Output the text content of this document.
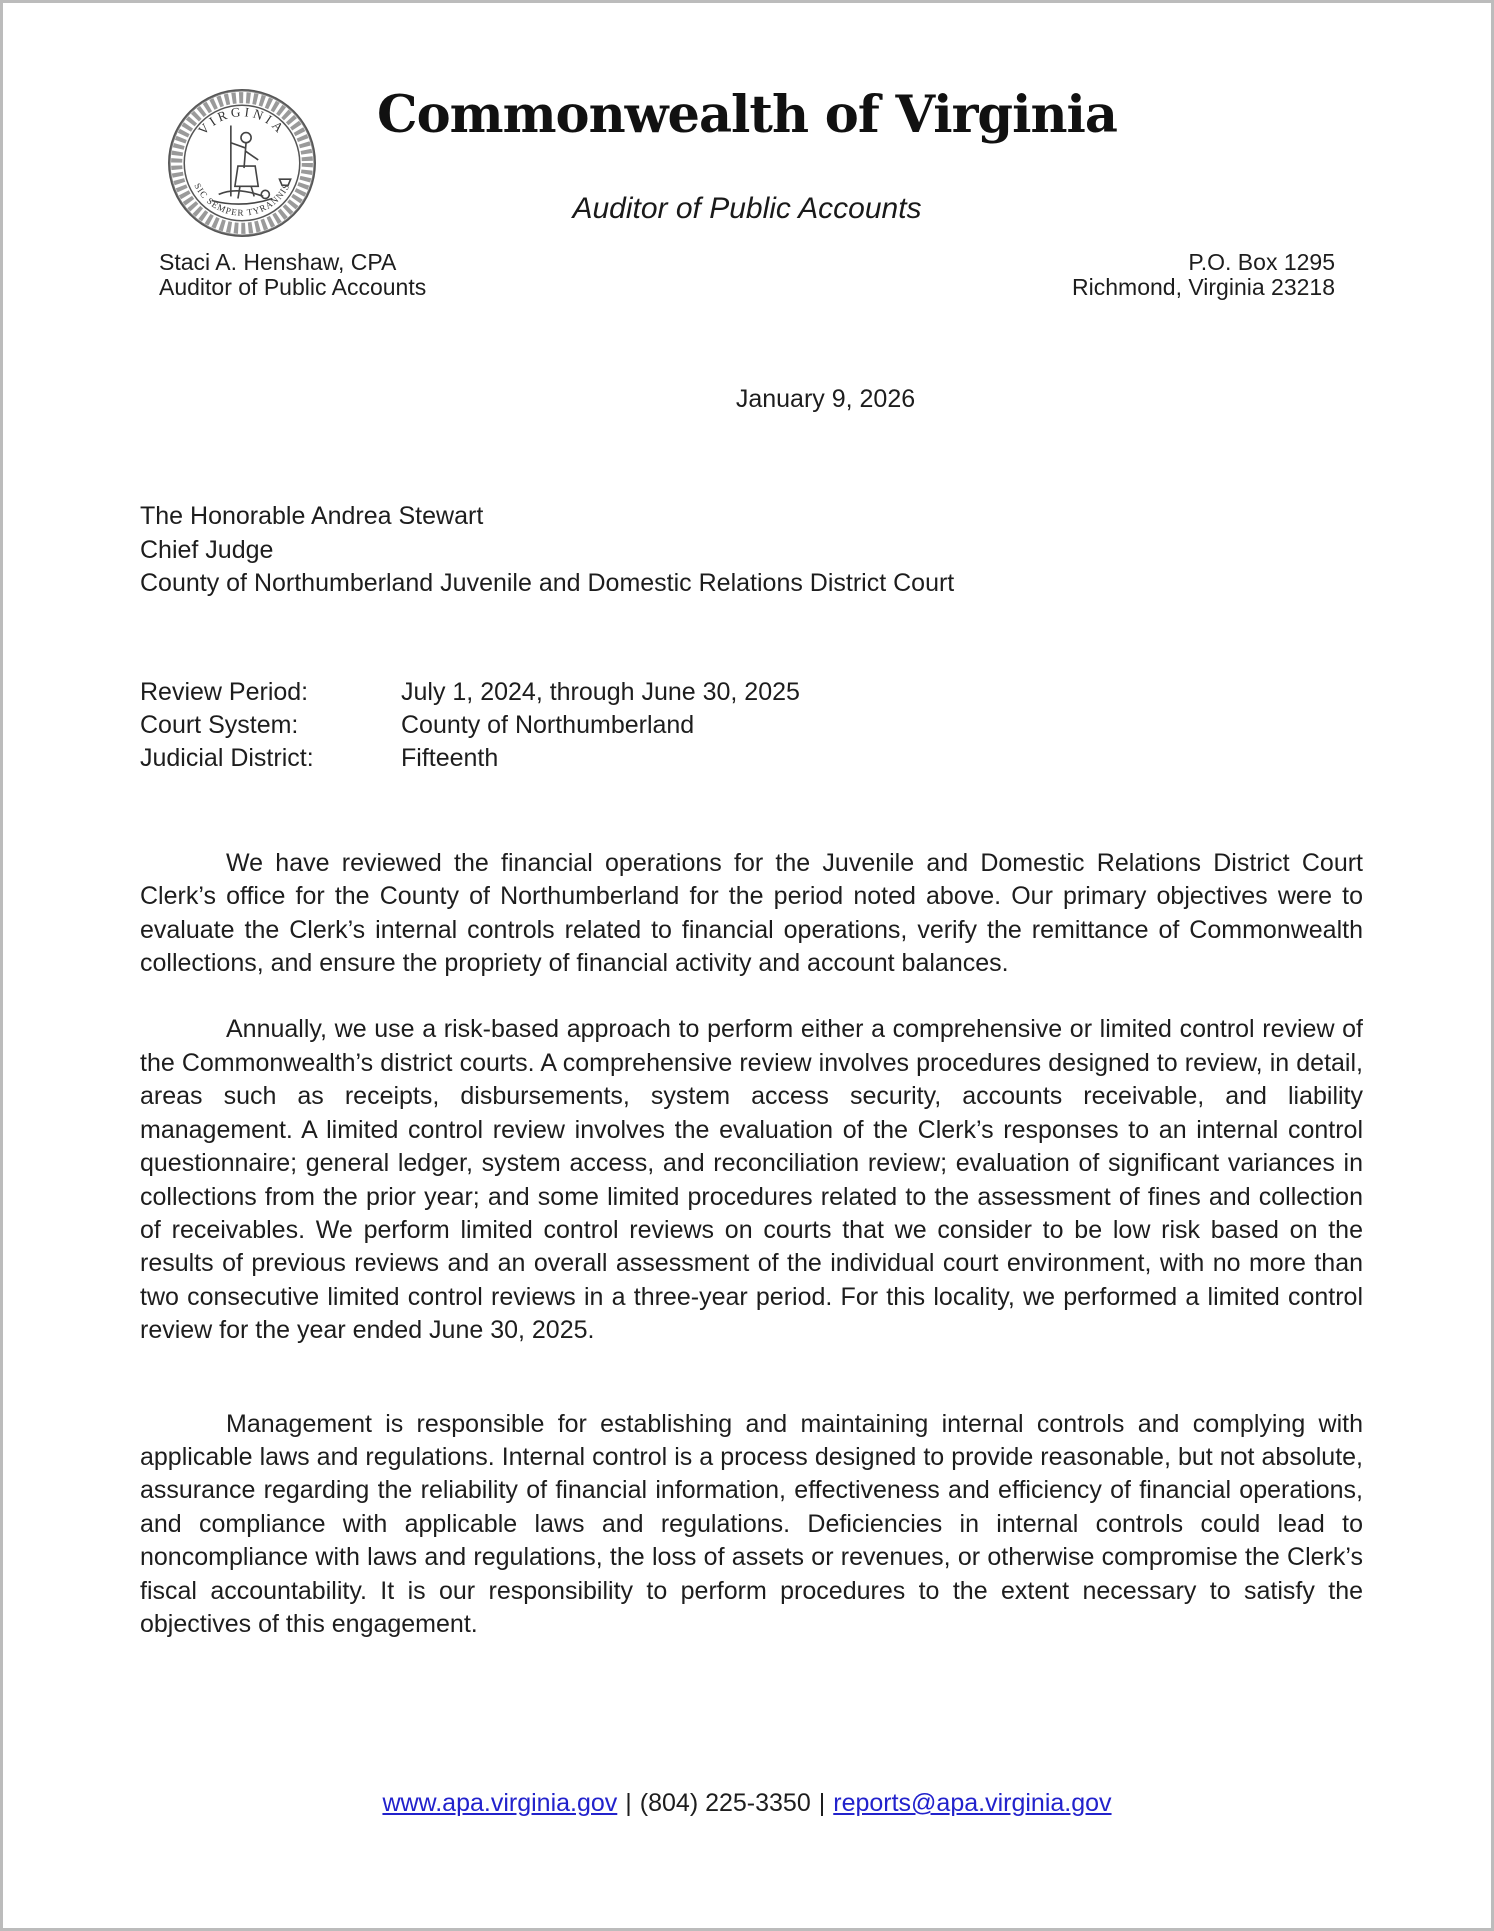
VIRGINIA
SIC SEMPER TYRANNIS
Commonwealth of Virginia
Auditor of Public Accounts
Staci A. Henshaw, CPA
Auditor of Public Accounts
P.O. Box 1295
Richmond, Virginia 23218
January 9, 2026
The Honorable Andrea Stewart
Chief Judge
County of Northumberland Juvenile and Domestic Relations District Court
Review Period:	July 1, 2024, through June 30, 2025
Court System:	County of Northumberland
Judicial District:	Fifteenth

We have reviewed the financial operations for the Juvenile and Domestic Relations District Court Clerk’s office for the County of Northumberland for the period noted above. Our primary objectives were to evaluate the Clerk’s internal controls related to financial operations, verify the remittance of Commonwealth collections, and ensure the propriety of financial activity and account balances.

Annually, we use a risk-based approach to perform either a comprehensive or limited control review of the Commonwealth’s district courts. A comprehensive review involves procedures designed to review, in detail, areas such as receipts, disbursements, system access security, accounts receivable, and liability management. A limited control review involves the evaluation of the Clerk’s responses to an internal control questionnaire; general ledger, system access, and reconciliation review; evaluation of significant variances in collections from the prior year; and some limited procedures related to the assessment of fines and collection of receivables. We perform limited control reviews on courts that we consider to be low risk based on the results of previous reviews and an overall assessment of the individual court environment, with no more than two consecutive limited control reviews in a three-year period. For this locality, we performed a limited control review for the year ended June 30, 2025.

Management is responsible for establishing and maintaining internal controls and complying with applicable laws and regulations. Internal control is a process designed to provide reasonable, but not absolute, assurance regarding the reliability of financial information, effectiveness and efficiency of financial operations, and compliance with applicable laws and regulations. Deficiencies in internal controls could lead to noncompliance with laws and regulations, the loss of assets or revenues, or otherwise compromise the Clerk’s fiscal accountability. It is our responsibility to perform procedures to the extent necessary to satisfy the objectives of this engagement.

www.apa.virginia.gov | (804) 225-3350 | reports@apa.virginia.gov
